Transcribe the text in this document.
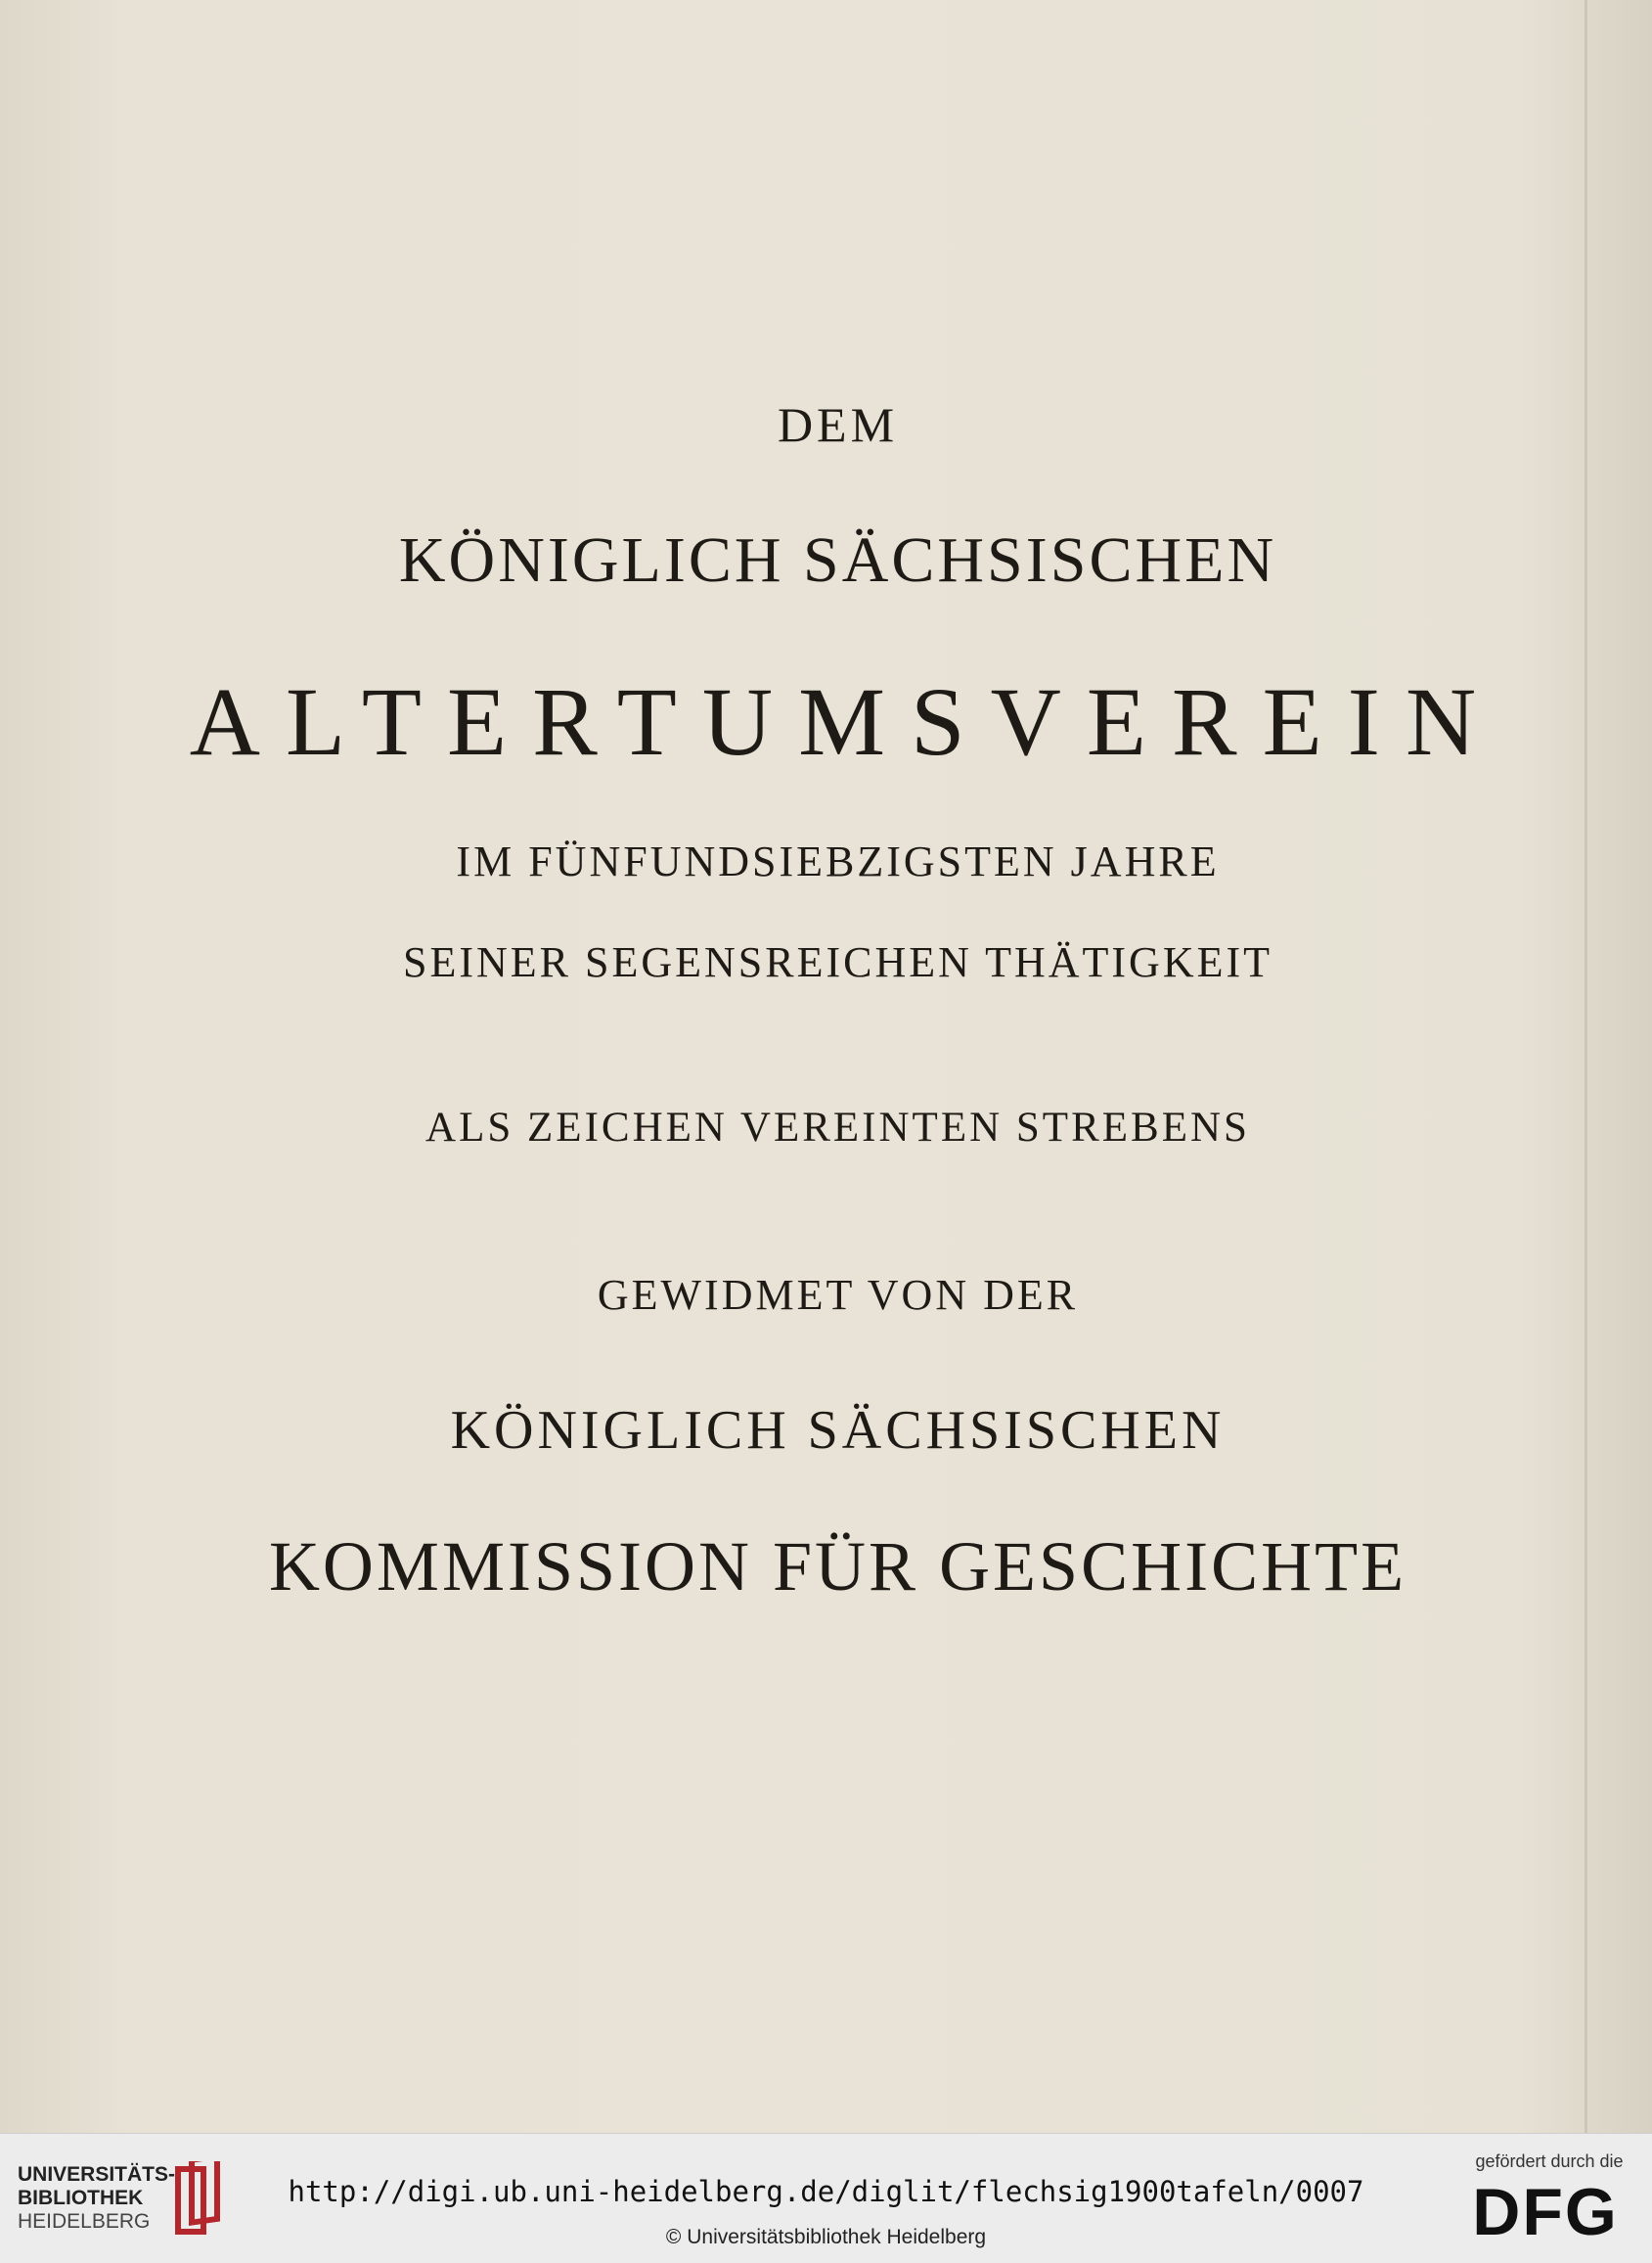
DEM
KÖNIGLICH SÄCHSISCHEN
ALTERTUMSVEREIN
IM FÜNFUNDSIEBZIGSTEN JAHRE
SEINER SEGENSREICHEN THÄTIGKEIT
ALS ZEICHEN VEREINTEN STREBENS
GEWIDMET VON DER
KÖNIGLICH SÄCHSISCHEN
KOMMISSION FÜR GESCHICHTE
UNIVERSITÄTS-
BIBLIOTHEK
HEIDELBERG
http://digi.ub.uni-heidelberg.de/diglit/flechsig1900tafeln/0007
© Universitätsbibliothek Heidelberg
gefördert durch die
DFG
